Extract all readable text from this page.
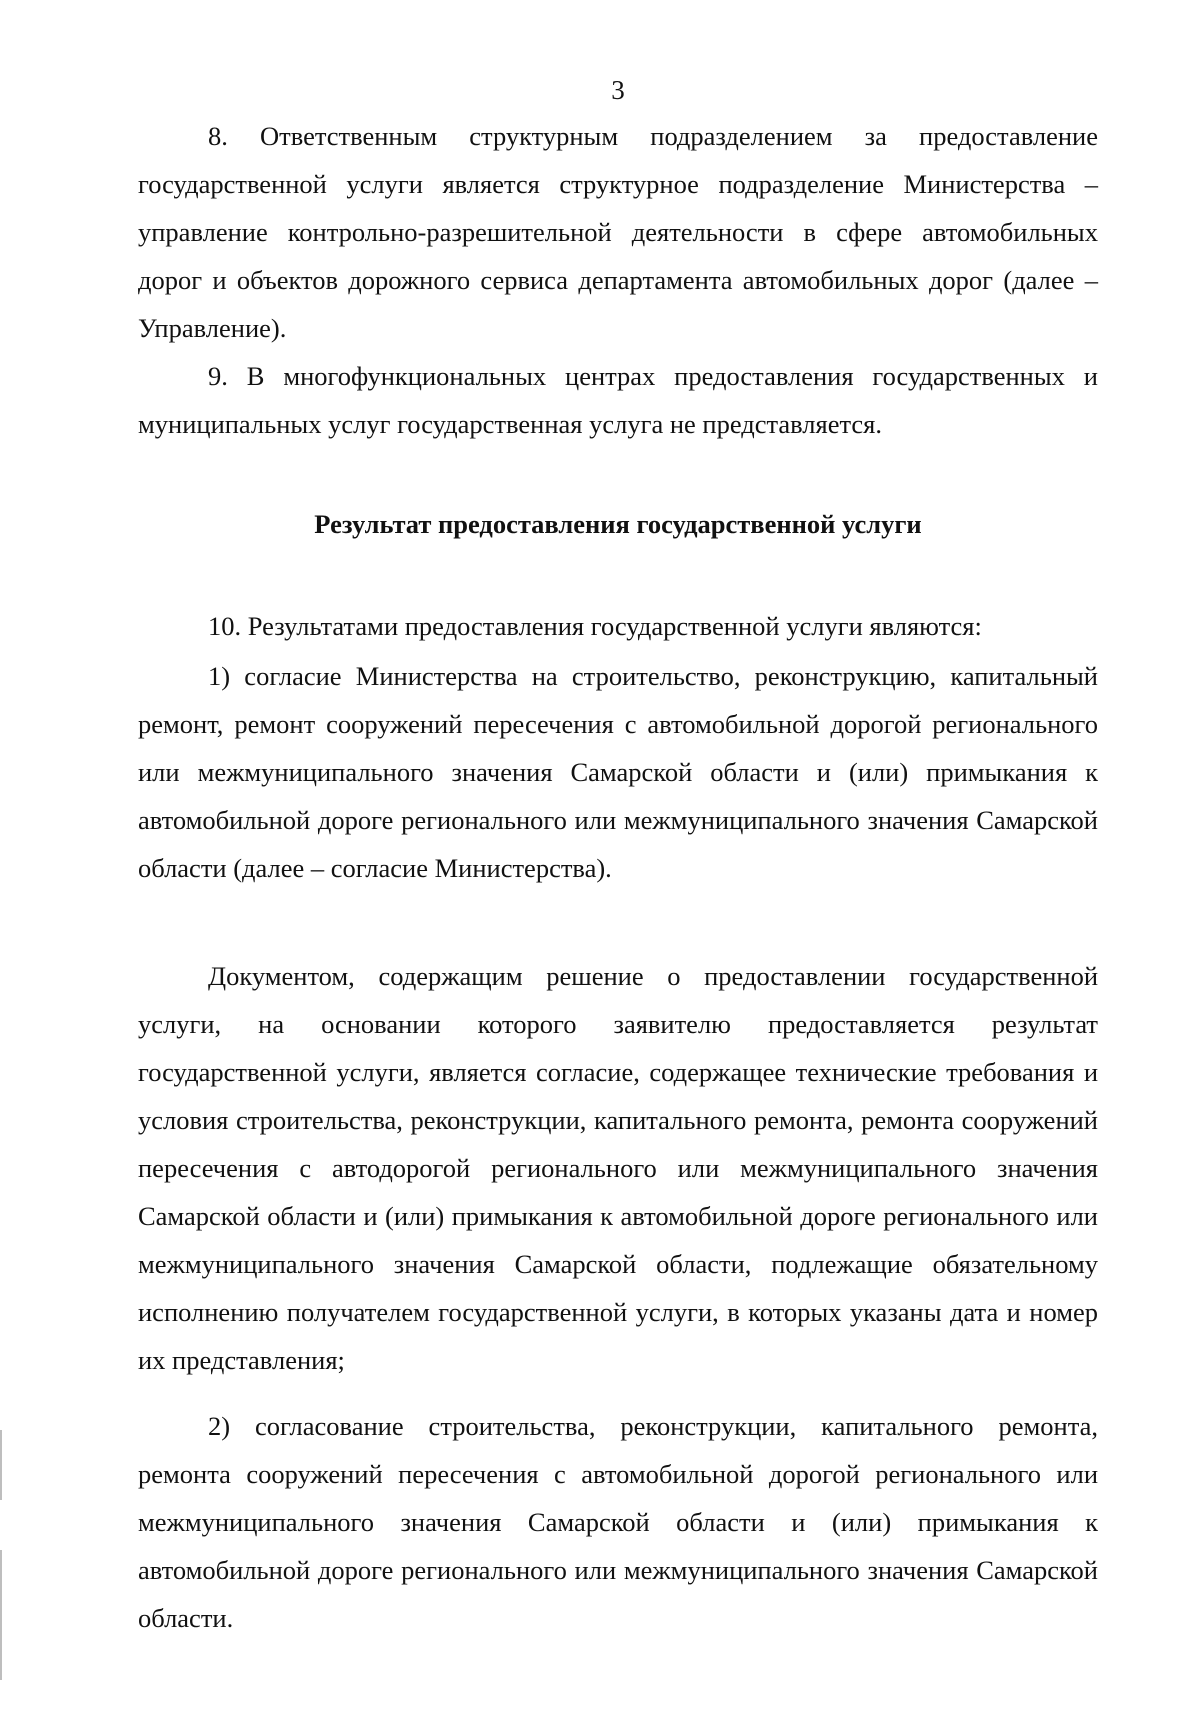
3

8. Ответственным структурным подразделением за предоставление государственной услуги является структурное подразделение Министерства – управление контрольно-разрешительной деятельности в сфере автомобильных дорог и объектов дорожного сервиса департамента автомобильных дорог (далее – Управление).

9. В многофункциональных центрах предоставления государственных и муниципальных услуг государственная услуга не представляется.

Результат предоставления государственной услуги

10. Результатами предоставления государственной услуги являются:

1) согласие Министерства на строительство, реконструкцию, капитальный ремонт, ремонт сооружений пересечения с автомобильной дорогой регионального или межмуниципального значения Самарской области и (или) примыкания к автомобильной дороге регионального или межмуниципального значения Самарской области (далее – согласие Министерства).

Документом, содержащим решение о предоставлении государственной услуги, на основании которого заявителю предоставляется результат государственной услуги, является согласие, содержащее технические требования и условия строительства, реконструкции, капитального ремонта, ремонта сооружений пересечения с автодорогой регионального или межмуниципального значения Самарской области и (или) примыкания к автомобильной дороге регионального или межмуниципального значения Самарской области, подлежащие обязательному исполнению получателем государственной услуги, в которых указаны дата и номер их представления;

2) согласование строительства, реконструкции, капитального ремонта, ремонта сооружений пересечения с автомобильной дорогой регионального или межмуниципального значения Самарской области и (или) примыкания к автомобильной дороге регионального или межмуниципального значения Самарской области.
